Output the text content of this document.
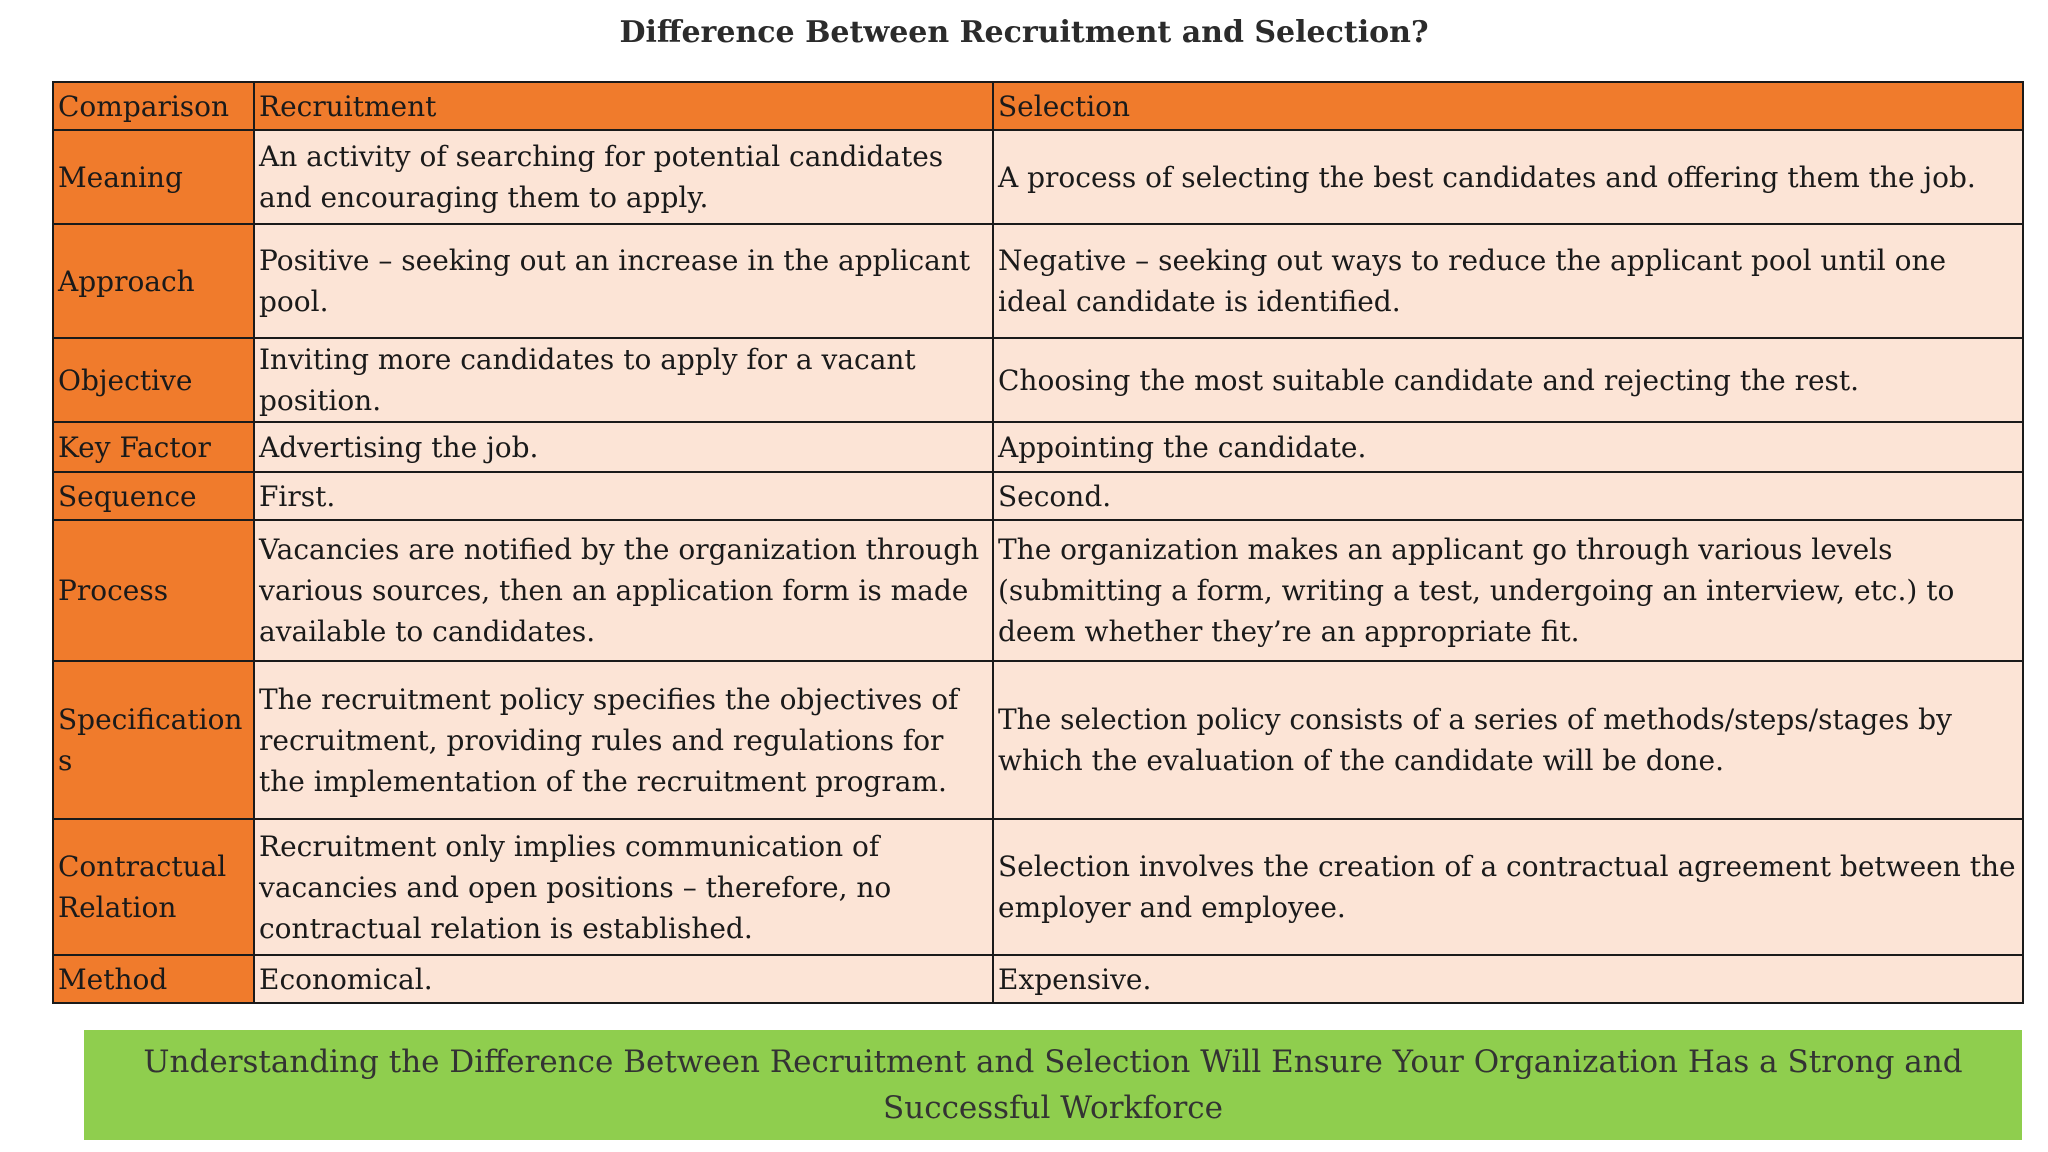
Difference Between Recruitment and Selection?
Comparison	Recruitment	Selection
Meaning	An activity of searching for potential candidates and encouraging them to apply.	A process of selecting the best candidates and offering them the job.
Approach	Positive – seeking out an increase in the applicant pool.	Negative – seeking out ways to reduce the applicant pool until one ideal candidate is identified.
Objective	Inviting more candidates to apply for a vacant position.	Choosing the most suitable candidate and rejecting the rest.
Key Factor	Advertising the job.	Appointing the candidate.
Sequence	First.	Second.
Process	Vacancies are notified by the organization through various sources, then an application form is made available to candidates.	The organization makes an applicant go through various levels (submitting a form, writing a test, undergoing an interview, etc.) to deem whether they’re an appropriate fit.
Specifications	The recruitment policy specifies the objectives of recruitment, providing rules and regulations for the implementation of the recruitment program.	The selection policy consists of a series of methods/steps/stages by which the evaluation of the candidate will be done.
Contractual Relation	Recruitment only implies communication of vacancies and open positions – therefore, no contractual relation is established.	Selection involves the creation of a contractual agreement between the employer and employee.
Method	Economical.	Expensive.
Understanding the Difference Between Recruitment and Selection Will Ensure Your Organization Has a Strong and Successful Workforce
